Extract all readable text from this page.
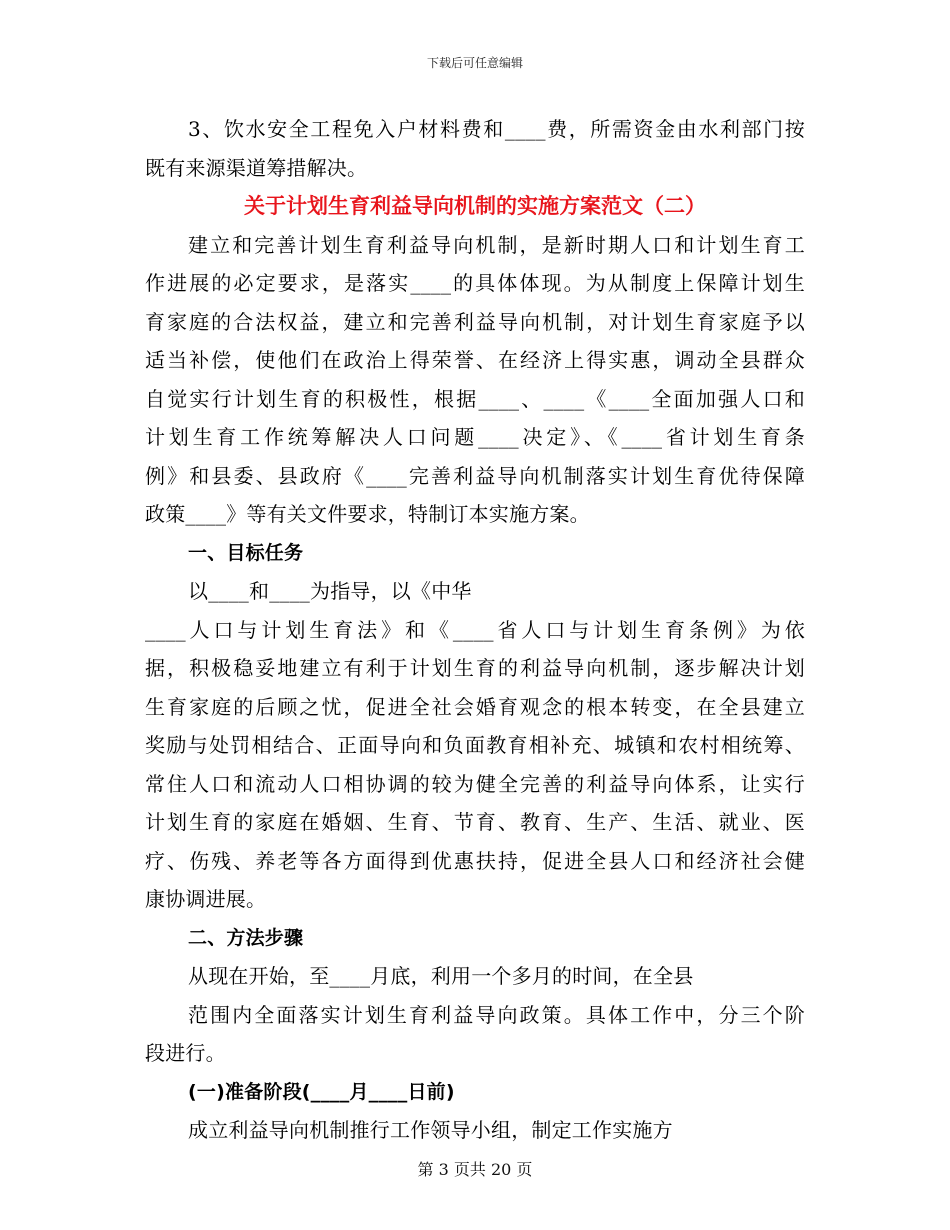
下载后可任意编辑
3、饮水安全工程免入户材料费和____费，所需资金由水利部门按
既有来源渠道筹措解决。
关于计划生育利益导向机制的实施方案范文（二）
建立和完善计划生育利益导向机制，是新时期人口和计划生育工
作进展的必定要求，是落实____的具体体现。为从制度上保障计划生
育家庭的合法权益，建立和完善利益导向机制，对计划生育家庭予以
适当补偿，使他们在政治上得荣誉、在经济上得实惠，调动全县群众
自觉实行计划生育的积极性，根据____、____《____全面加强人口和
计划生育工作统筹解决人口问题____决定》、《____省计划生育条
例》和县委、县政府《____完善利益导向机制落实计划生育优待保障
政策____》等有关文件要求，特制订本实施方案。
一、目标任务
以____和____为指导，以《中华
____人口与计划生育法》和《____省人口与计划生育条例》为依
据，积极稳妥地建立有利于计划生育的利益导向机制，逐步解决计划
生育家庭的后顾之忧，促进全社会婚育观念的根本转变，在全县建立
奖励与处罚相结合、正面导向和负面教育相补充、城镇和农村相统筹、
常住人口和流动人口相协调的较为健全完善的利益导向体系，让实行
计划生育的家庭在婚姻、生育、节育、教育、生产、生活、就业、医
疗、伤残、养老等各方面得到优惠扶持，促进全县人口和经济社会健
康协调进展。
二、方法步骤
从现在开始，至____月底，利用一个多月的时间，在全县
范围内全面落实计划生育利益导向政策。具体工作中，分三个阶
段进行。
(一)准备阶段(____月____日前)
成立利益导向机制推行工作领导小组，制定工作实施方
第 3 页共 20 页
